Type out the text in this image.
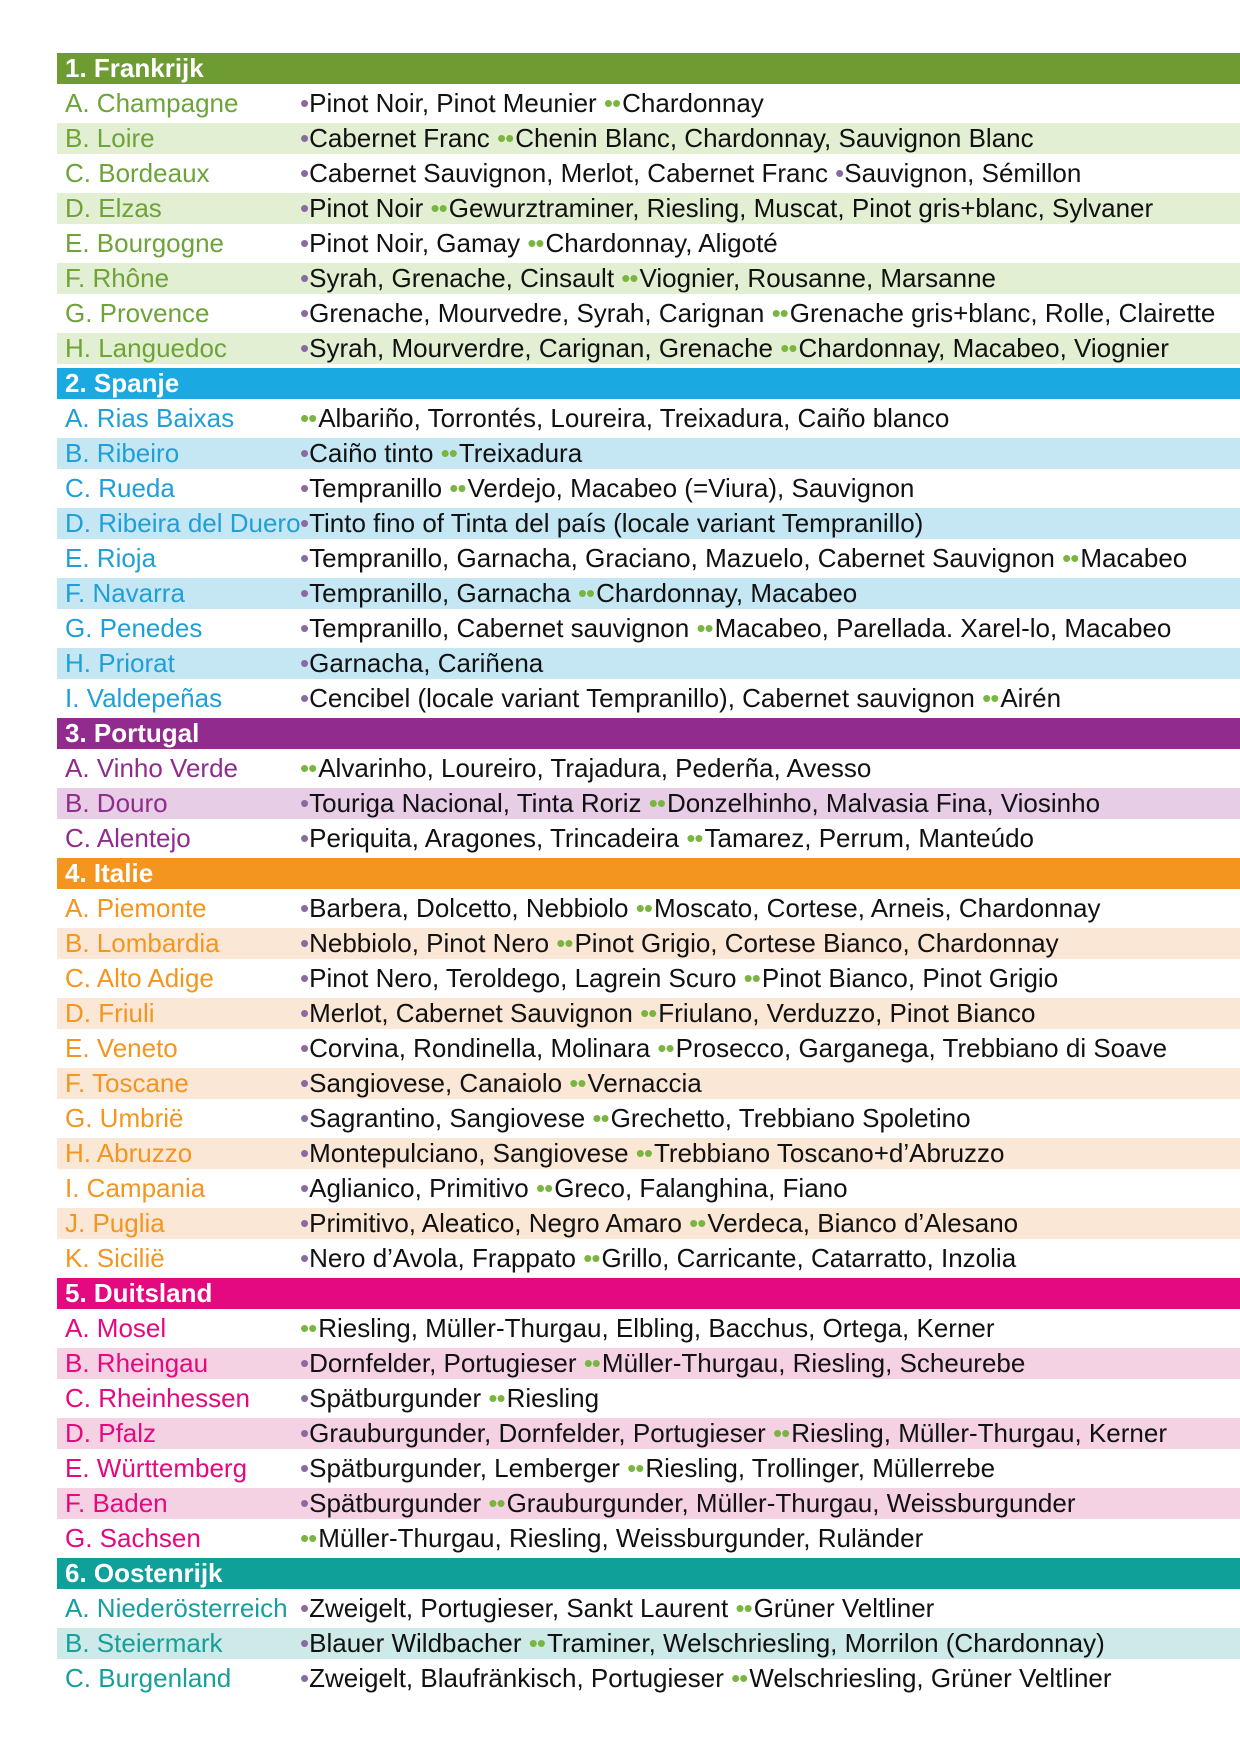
1. Frankrijk
A. Champagne •Pinot Noir, Pinot Meunier ••Chardonnay
B. Loire	•Cabernet Franc ••Chenin Blanc, Chardonnay, Sauvignon Blanc
C. Bordeaux	•Cabernet Sauvignon, Merlot, Cabernet Franc •Sauvignon, Sémillon
D. Elzas	•Pinot Noir ••Gewurztraminer, Riesling, Muscat, Pinot gris+blanc, Sylvaner
E. Bourgogne	•Pinot Noir, Gamay ••Chardonnay, Aligoté
F. Rhône	•Syrah, Grenache, Cinsault ••Viognier, Rousanne, Marsanne
G. Provence	•Grenache, Mourvedre, Syrah, Carignan ••Grenache gris+blanc, Rolle, Clairette
H. Languedoc	•Syrah, Mourverdre, Carignan, Grenache ••Chardonnay, Macabeo, Viognier
2. Spanje
A. Rias Baixas	••Albariño, Torrontés, Loureira, Treixadura, Caiño blanco
B. Ribeiro	•Caiño tinto ••Treixadura
C. Rueda	•Tempranillo ••Verdejo, Macabeo (=Viura), Sauvignon
D. Ribeira del Duero •Tinto fino of Tinta del país (locale variant Tempranillo)
E. Rioja	•Tempranillo, Garnacha, Graciano, Mazuelo, Cabernet Sauvignon ••Macabeo
F. Navarra	•Tempranillo, Garnacha ••Chardonnay, Macabeo
G. Penedes	•Tempranillo, Cabernet sauvignon ••Macabeo, Parellada. Xarel-lo, Macabeo
H. Priorat	•Garnacha, Cariñena
I. Valdepeñas	•Cencibel (locale variant Tempranillo), Cabernet sauvignon ••Airén
3. Portugal
A. Vinho Verde ••Alvarinho, Loureiro, Trajadura, Pederña, Avesso
B. Douro	•Touriga Nacional, Tinta Roriz ••Donzelhinho, Malvasia Fina, Viosinho
C. Alentejo	•Periquita, Aragones, Trincadeira ••Tamarez, Perrum, Manteúdo
4. Italie
A. Piemonte	•Barbera, Dolcetto, Nebbiolo ••Moscato, Cortese, Arneis, Chardonnay
B. Lombardia	•Nebbiolo, Pinot Nero ••Pinot Grigio, Cortese Bianco, Chardonnay
C. Alto Adige	•Pinot Nero, Teroldego, Lagrein Scuro ••Pinot Bianco, Pinot Grigio
D. Friuli	•Merlot, Cabernet Sauvignon ••Friulano, Verduzzo, Pinot Bianco
E. Veneto	•Corvina, Rondinella, Molinara ••Prosecco, Garganega, Trebbiano di Soave
F. Toscane	•Sangiovese, Canaiolo ••Vernaccia
G. Umbrië	•Sagrantino, Sangiovese ••Grechetto, Trebbiano Spoletino
H. Abruzzo	•Montepulciano, Sangiovese ••Trebbiano Toscano+d’Abruzzo
I. Campania	•Aglianico, Primitivo ••Greco, Falanghina, Fiano
J. Puglia	•Primitivo, Aleatico, Negro Amaro ••Verdeca, Bianco d’Alesano
K. Sicilië	•Nero d’Avola, Frappato ••Grillo, Carricante, Catarratto, Inzolia
5. Duitsland
A. Mosel	••Riesling, Müller-Thurgau, Elbling, Bacchus, Ortega, Kerner
B. Rheingau	•Dornfelder, Portugieser ••Müller-Thurgau, Riesling, Scheurebe
C. Rheinhessen •Spätburgunder ••Riesling
D. Pfalz	•Grauburgunder, Dornfelder, Portugieser ••Riesling, Müller-Thurgau, Kerner
E. Württemberg •Spätburgunder, Lemberger ••Riesling, Trollinger, Müllerrebe
F. Baden	•Spätburgunder ••Grauburgunder, Müller-Thurgau, Weissburgunder
G. Sachsen	••Müller-Thurgau, Riesling, Weissburgunder, Ruländer
6. Oostenrijk
A. Niederösterreich •Zweigelt, Portugieser, Sankt Laurent ••Grüner Veltliner
B. Steiermark	•Blauer Wildbacher ••Traminer, Welschriesling, Morrilon (Chardonnay)
C. Burgenland	•Zweigelt, Blaufränkisch, Portugieser ••Welschriesling, Grüner Veltliner
